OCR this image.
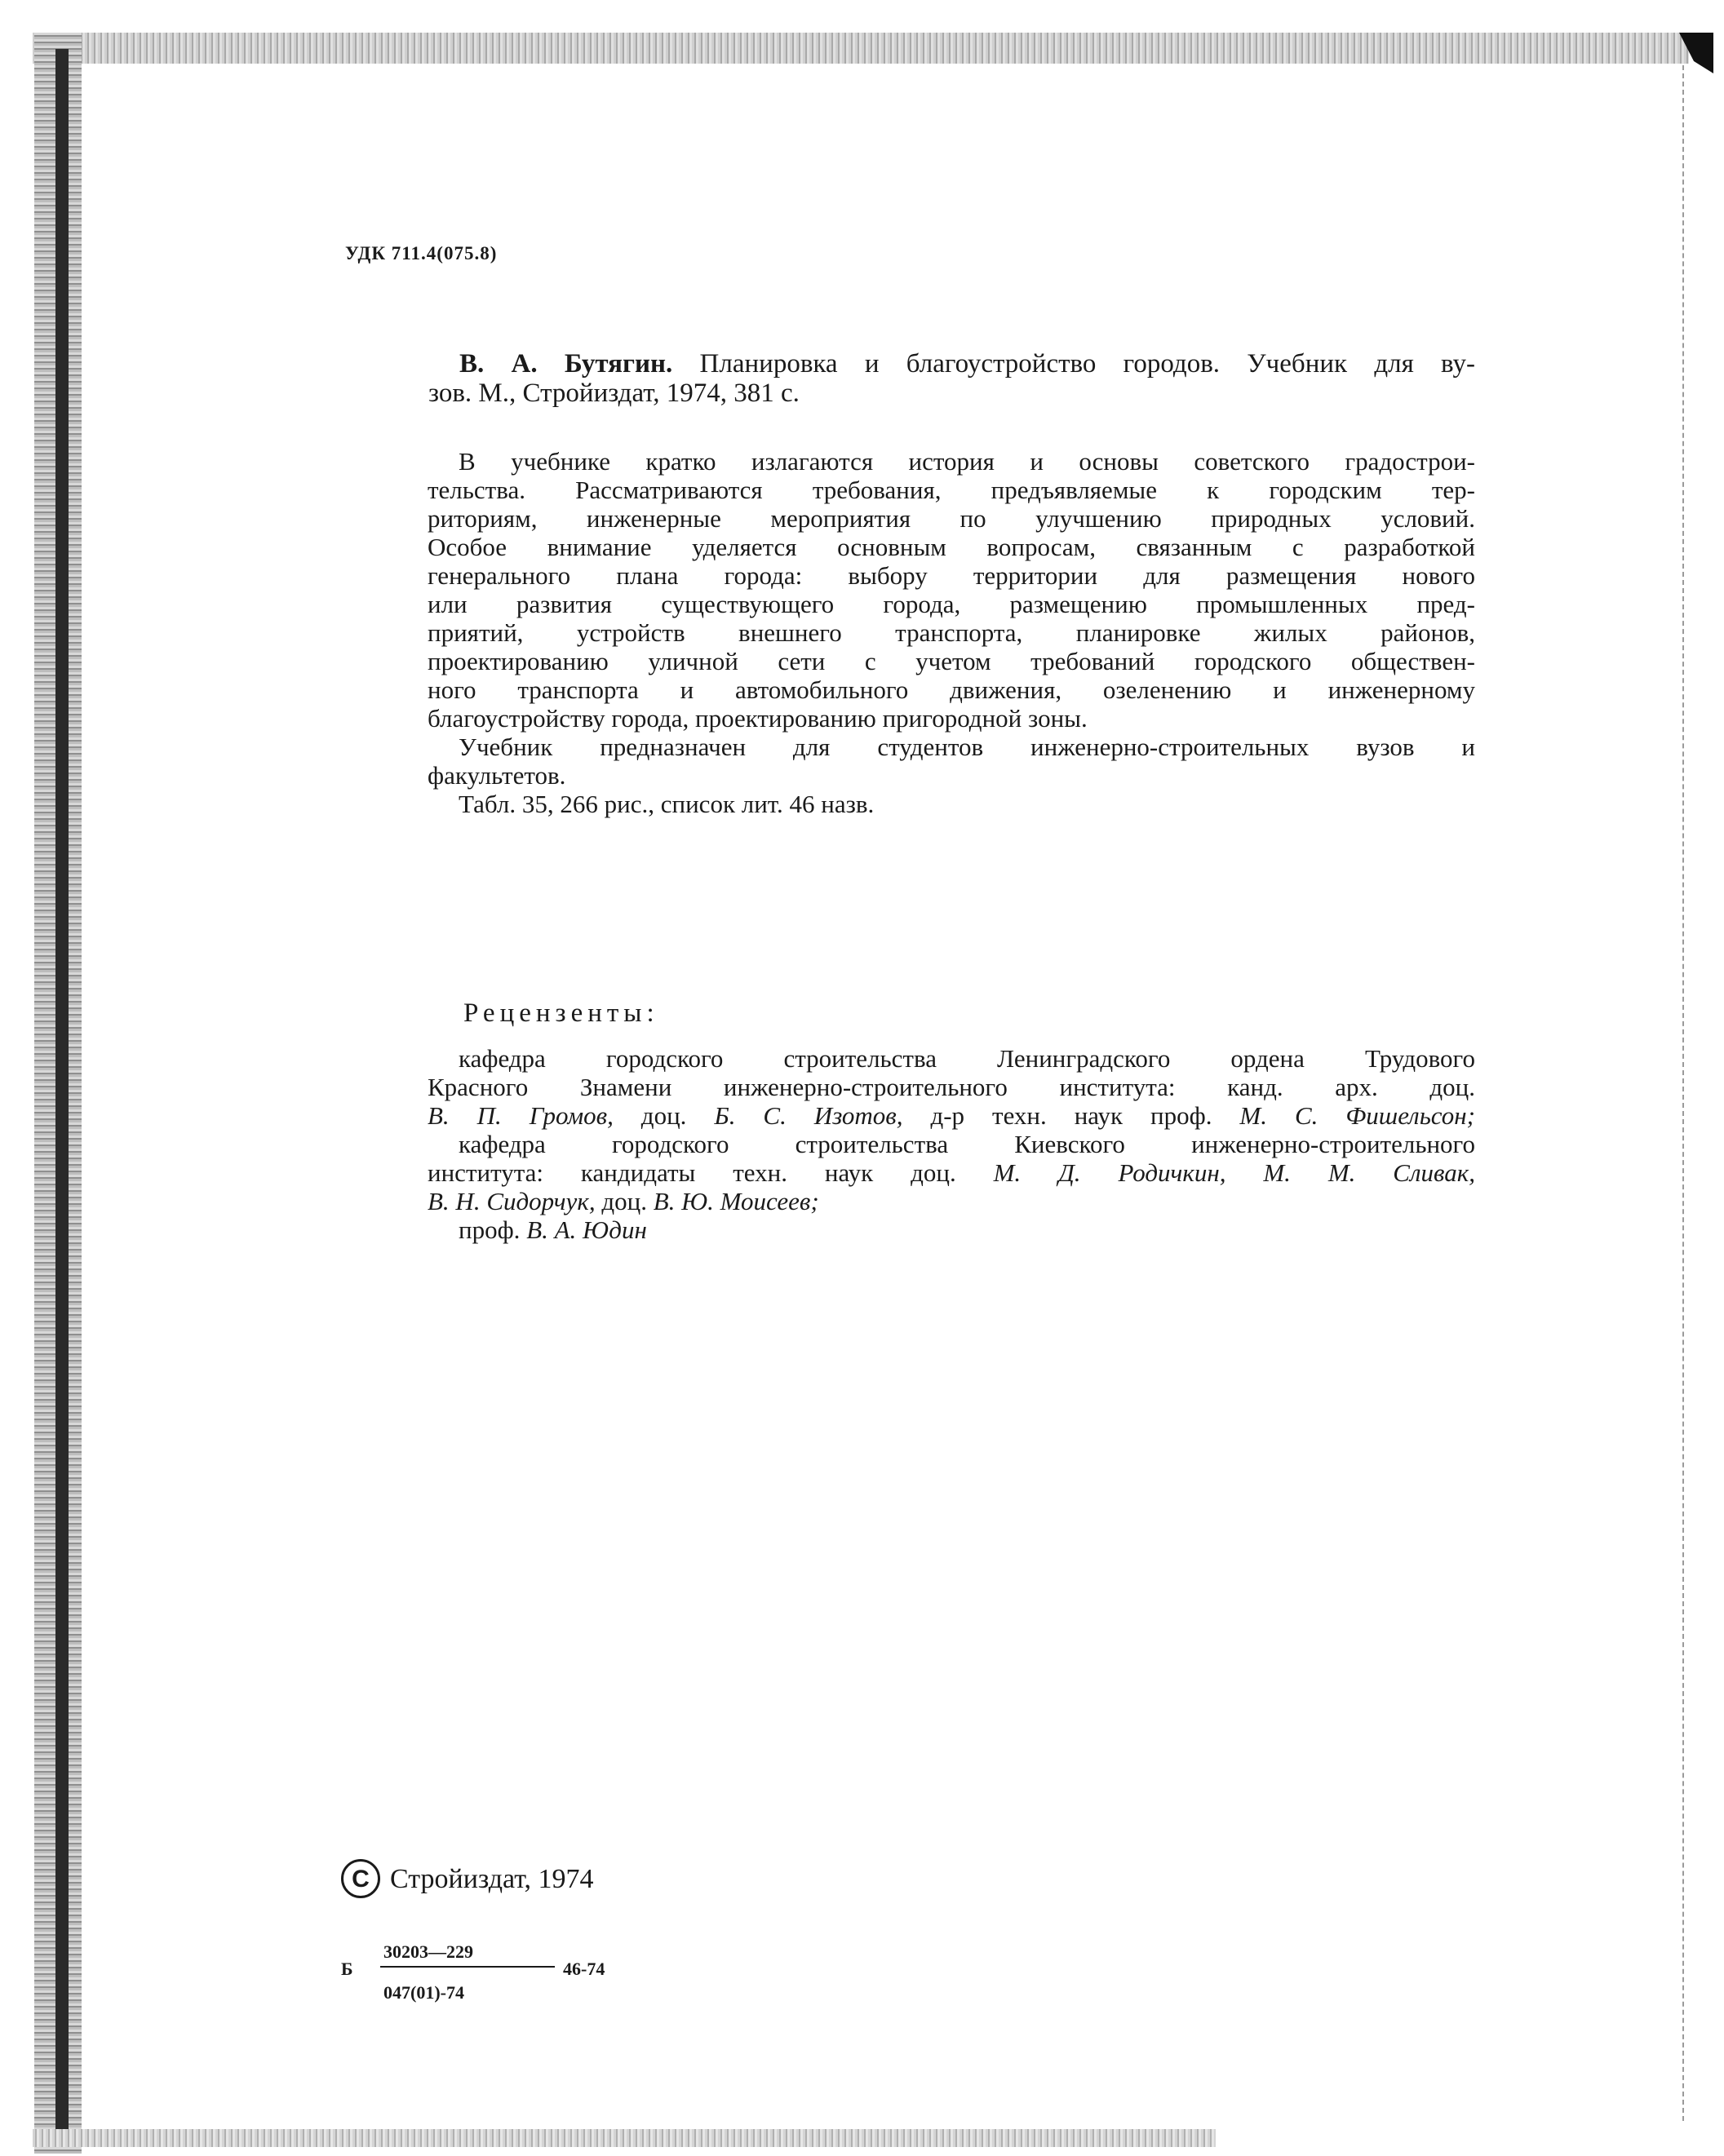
УДК 711.4(075.8)
В. А. Бутягин. Планировка и благоустройство городов. Учебник для ву-
зов. М., Стройиздат, 1974, 381 с.
В учебнике кратко излагаются история и основы советского градострои-
тельства. Рассматриваются требования, предъявляемые к городским тер-
риториям, инженерные мероприятия по улучшению природных условий.
Особое внимание уделяется основным вопросам, связанным с разработкой
генерального плана города: выбору территории для размещения нового
или развития существующего города, размещению промышленных пред-
приятий, устройств внешнего транспорта, планировке жилых районов,
проектированию уличной сети с учетом требований городского обществен-
ного транспорта и автомобильного движения, озеленению и инженерному
благоустройству города, проектированию пригородной зоны.
Учебник предназначен для студентов инженерно-строительных вузов и
факультетов.
Табл. 35, 266 рис., список лит. 46 назв.
Рецензенты:
кафедра городского строительства Ленинградского ордена Трудового
Красного Знамени инженерно-строительного института: канд. арх. доц.
В. П. Громов, доц. Б. С. Изотов, д-р техн. наук проф. М. С. Фишельсон;
кафедра городского строительства Киевского инженерно-строительного
института: кандидаты техн. наук доц. М. Д. Родичкин, М. М. Сливак,
В. Н. Сидорчук, доц. В. Ю. Моисеев;
проф. В. А. Юдин
C Стройиздат, 1974
Б
30203—229
047(01)-74
46-74
